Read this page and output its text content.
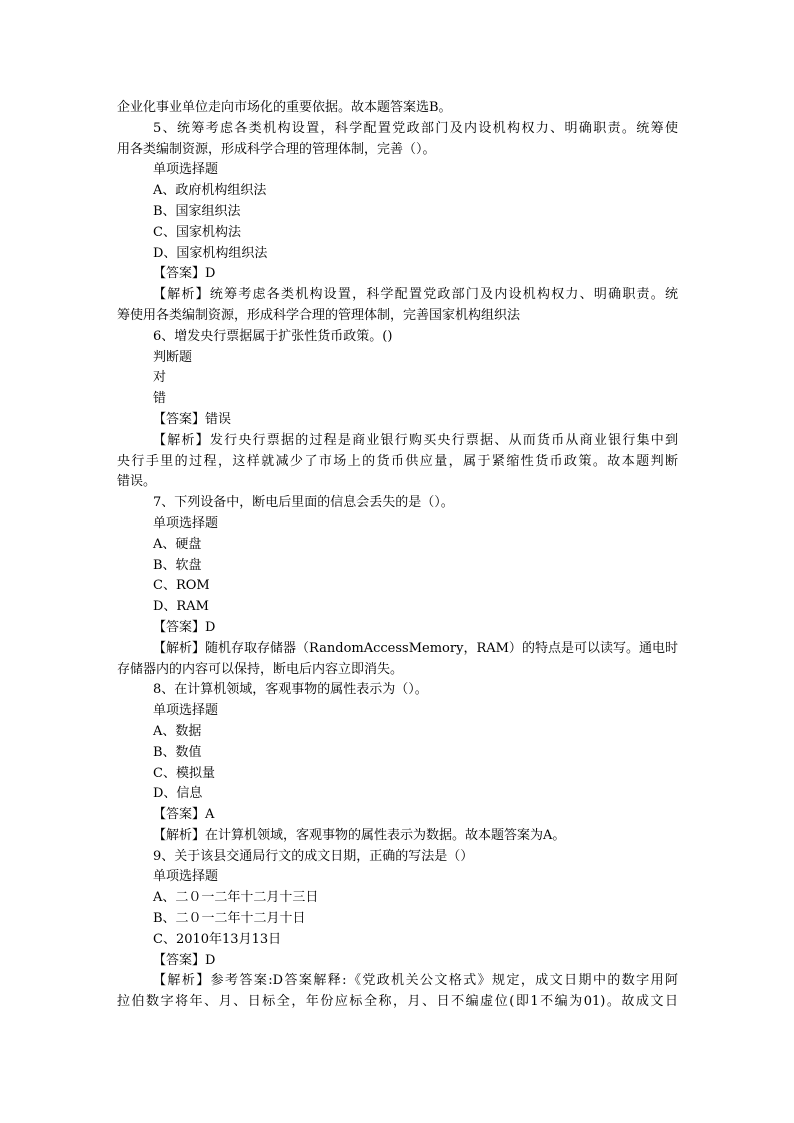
企业化事业单位走向市场化的重要依据。故本题答案选B。
5、统筹考虑各类机构设置，科学配置党政部门及内设机构权力、明确职责。统筹使
用各类编制资源，形成科学合理的管理体制，完善（）。
单项选择题
A、政府机构组织法
B、国家组织法
C、国家机构法
D、国家机构组织法
【答案】D
【解析】统筹考虑各类机构设置，科学配置党政部门及内设机构权力、明确职责。统
筹使用各类编制资源，形成科学合理的管理体制，完善国家机构组织法
6、增发央行票据属于扩张性货币政策。()
判断题
对
错
【答案】错误
【解析】发行央行票据的过程是商业银行购买央行票据、从而货币从商业银行集中到
央行手里的过程，这样就减少了市场上的货币供应量，属于紧缩性货币政策。故本题判断
错误。
7、下列设备中，断电后里面的信息会丢失的是（）。
单项选择题
A、硬盘
B、软盘
C、ROM
D、RAM
【答案】D
【解析】随机存取存储器（RandomAccessMemory，RAM）的特点是可以读写。通电时
存储器内的内容可以保持，断电后内容立即消失。
8、在计算机领域，客观事物的属性表示为（）。
单项选择题
A、数据
B、数值
C、模拟量
D、信息
【答案】A
【解析】在计算机领域，客观事物的属性表示为数据。故本题答案为A。
9、关于该县交通局行文的成文日期，正确的写法是（）
单项选择题
A、二０一二年十二月十三日
B、二０一二年十二月十日
C、2010年13月13日
【答案】D
【解析】参考答案:D答案解释:《党政机关公文格式》规定，成文日期中的数字用阿
拉伯数字将年、月、日标全，年份应标全称，月、日不编虚位(即1不编为01)。故成文日
